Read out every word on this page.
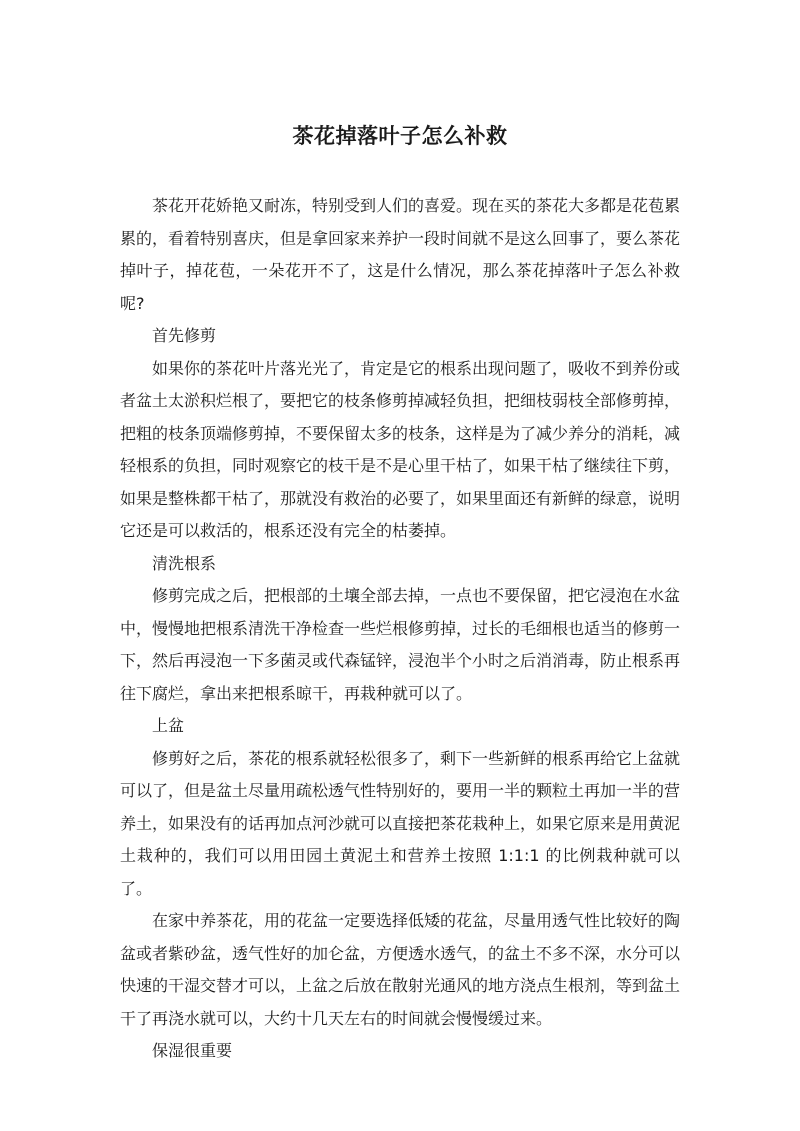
茶花掉落叶子怎么补救

茶花开花娇艳又耐冻，特别受到人们的喜爱。现在买的茶花大多都是花苞累累的，看着特别喜庆，但是拿回家来养护一段时间就不是这么回事了，要么茶花掉叶子，掉花苞，一朵花开不了，这是什么情况，那么茶花掉落叶子怎么补救呢?

首先修剪

如果你的茶花叶片落光光了，肯定是它的根系出现问题了，吸收不到养份或者盆土太淤积烂根了，要把它的枝条修剪掉减轻负担，把细枝弱枝全部修剪掉，把粗的枝条顶端修剪掉，不要保留太多的枝条，这样是为了减少养分的消耗，减轻根系的负担，同时观察它的枝干是不是心里干枯了，如果干枯了继续往下剪，如果是整株都干枯了，那就没有救治的必要了，如果里面还有新鲜的绿意，说明它还是可以救活的，根系还没有完全的枯萎掉。

清洗根系

修剪完成之后，把根部的土壤全部去掉，一点也不要保留，把它浸泡在水盆中，慢慢地把根系清洗干净检查一些烂根修剪掉，过长的毛细根也适当的修剪一下，然后再浸泡一下多菌灵或代森锰锌，浸泡半个小时之后消消毒，防止根系再往下腐烂，拿出来把根系晾干，再栽种就可以了。

上盆

修剪好之后，茶花的根系就轻松很多了，剩下一些新鲜的根系再给它上盆就可以了，但是盆土尽量用疏松透气性特别好的，要用一半的颗粒土再加一半的营养土，如果没有的话再加点河沙就可以直接把茶花栽种上，如果它原来是用黄泥土栽种的，我们可以用田园土黄泥土和营养土按照 1:1:1 的比例栽种就可以了。

在家中养茶花，用的花盆一定要选择低矮的花盆，尽量用透气性比较好的陶盆或者紫砂盆，透气性好的加仑盆，方便透水透气，的盆土不多不深，水分可以快速的干湿交替才可以，上盆之后放在散射光通风的地方浇点生根剂，等到盆土干了再浇水就可以，大约十几天左右的时间就会慢慢缓过来。

保湿很重要
